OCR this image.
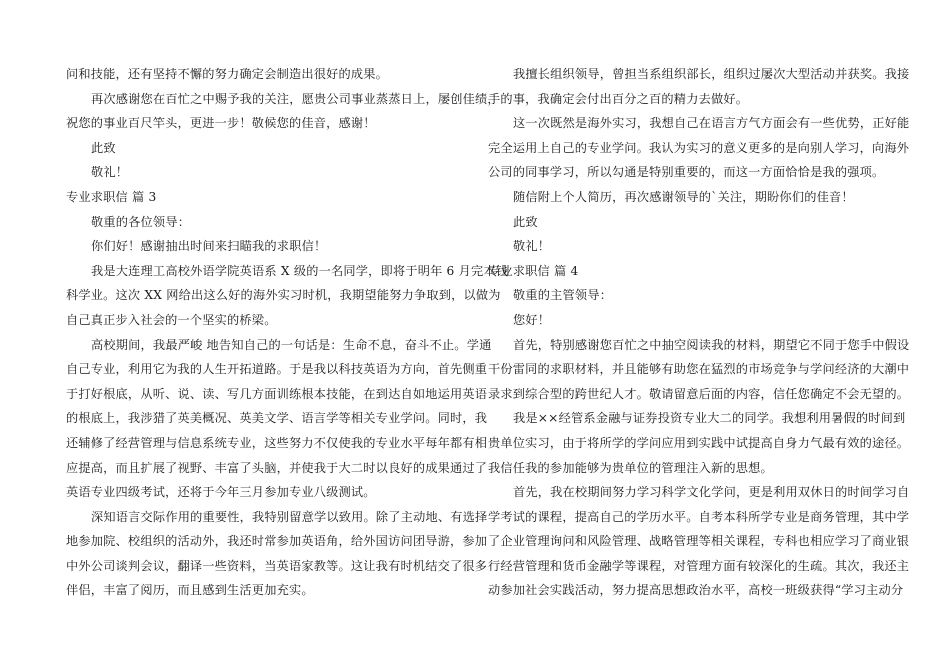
问和技能，还有坚持不懈的努力确定会制造出很好的成果。
再次感谢您在百忙之中赐予我的关注，愿贵公司事业蒸蒸日上，屡创佳绩，
祝您的事业百尺竿头，更进一步！敬候您的佳音，感谢！
此致
敬礼！
专业求职信 篇 3
敬重的各位领导：
你们好！感谢抽出时间来扫瞄我的求职信！
我是大连理工高校外语学院英语系 X 级的一名同学，即将于明年 6 月完本钱
科学业。这次 XX 网给出这么好的海外实习时机，我期望能努力争取到，以做为
自己真正步入社会的一个坚实的桥梁。
高校期间，我最严峻 地告知自己的一句话是：生命不息，奋斗不止。学通
自己专业，利用它为我的人生开拓道路。于是我以科技英语为方向，首先侧重
于打好根底，从听、说、读、写几方面训练根本技能，在到达自如地运用英语
的根底上，我涉猎了英美概况、英美文学、语言学等相关专业学问。同时，我
还辅修了经营管理与信息系统专业，这些努力不仅使我的专业水平每年都有相
应提高，而且扩展了视野、丰富了头脑，并使我于大二时以良好的成果通过了
英语专业四级考试，还将于今年三月参加专业八级测试。
深知语言交际作用的重要性，我特别留意学以致用。除了主动地、有选择
地参加院、校组织的活动外，我还时常参加英语角，给外国访问团导游，参加
中外公司谈判会议，翻译一些资料，当英语家教等。这让我有时机结交了很多
伴侣，丰富了阅历，而且感到生活更加充实。
我擅长组织领导，曾担当系组织部长，组织过屡次大型活动并获奖。我接
手的事，我确定会付出百分之百的精力去做好。
这一次既然是海外实习，我想自己在语言方气方面会有一些优势，正好能
完全运用上自己的专业学问。我认为实习的意义更多的是向别人学习，向海外
公司的同事学习，所以勾通是特别重要的，而这一方面恰恰是我的强项。
随信附上个人简历，再次感谢领导的`关注，期盼你们的佳音！
此致
敬礼！
专业求职信 篇 4
敬重的主管领导：
您好！
首先，特别感谢您百忙之中抽空阅读我的材料，期望它不同于您手中假设
干份雷同的求职材料，并且能够有助您在猛烈的市场竞争与学问经济的大潮中
录求到综合型的跨世纪人才。敬请留意后面的内容，信任您确定不会无望的。
我是××经管系金融与证券投资专业大二的同学。我想利用暑假的时间到
贵单位实习，由于将所学的学问应用到实践中试提高自身力气最有效的途径。
我信任我的参加能够为贵单位的管理注入新的思想。
首先，我在校期间努力学习科学文化学问，更是利用双休日的时间学习自
学考试的课程，提高自己的学历水平。自考本科所学专业是商务管理，其中学
了企业管理询问和风险管理、战略管理等相关课程，专科也相应学习了商业银
行经营管理和货币金融学等课程，对管理方面有较深化的生疏。其次，我还主
动参加社会实践活动，努力提高思想政治水平，高校一班级获得“学习主动分
